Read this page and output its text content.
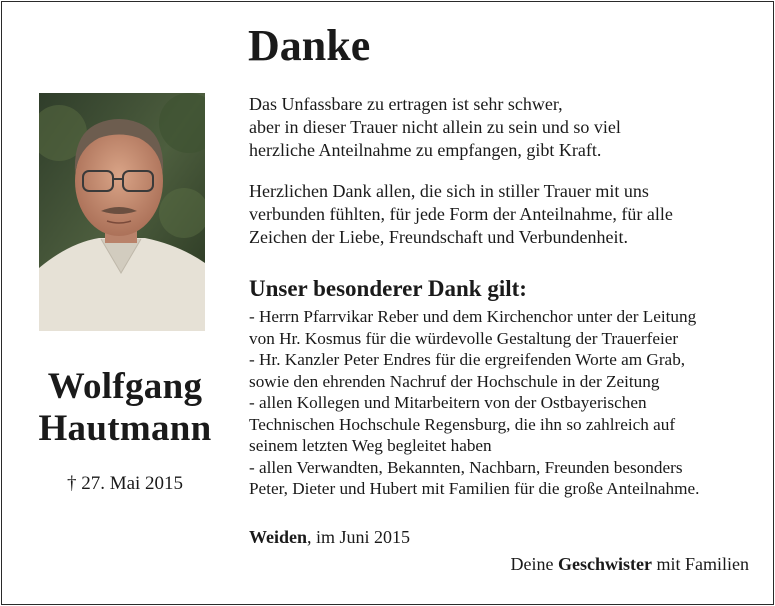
Wolfgang
Hautmann
† 27. Mai 2015
Danke
Das Unfassbare zu ertragen ist sehr schwer,
aber in dieser Trauer nicht allein zu sein und so viel
herzliche Anteilnahme zu empfangen, gibt Kraft.
Herzlichen Dank allen, die sich in stiller Trauer mit uns
verbunden fühlten, für jede Form der Anteilnahme, für alle
Zeichen der Liebe, Freundschaft und Verbundenheit.
Unser besonderer Dank gilt:
- Herrn Pfarrvikar Reber und dem Kirchenchor unter der Leitung
von Hr. Kosmus für die würdevolle Gestaltung der Trauerfeier
- Hr. Kanzler Peter Endres für die ergreifenden Worte am Grab,
sowie den ehrenden Nachruf der Hochschule in der Zeitung
- allen Kollegen und Mitarbeitern von der Ostbayerischen
Technischen Hochschule Regensburg, die ihn so zahlreich auf
seinem letzten Weg begleitet haben
- allen Verwandten, Bekannten, Nachbarn, Freunden besonders
Peter, Dieter und Hubert mit Familien für die große Anteilnahme.
Weiden, im Juni 2015
Deine Geschwister mit Familien
